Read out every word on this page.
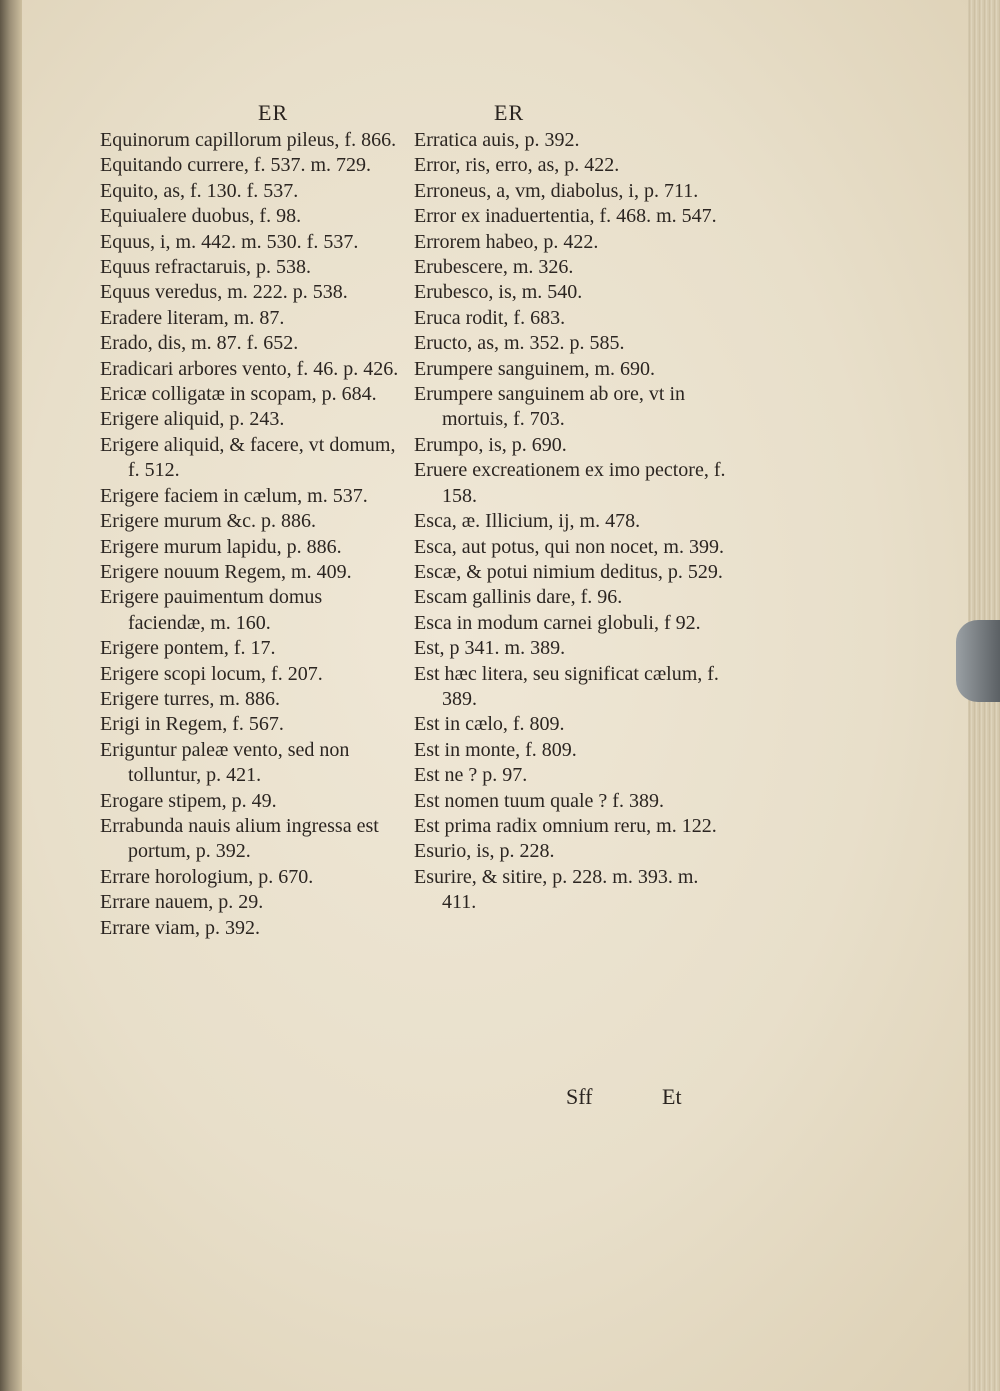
ER	ER
Equinorum capillorum pileus, f. 866.
Equitando currere, f. 537. m. 729.
Equito, as, f. 130. f. 537.
Equiualere duobus, f. 98.
Equus, i, m. 442. m. 530. f. 537.
Equus refractaruis, p. 538.
Equus veredus, m. 222. p. 538.
Eradere literam, m. 87.
Erado, dis, m. 87. f. 652.
Eradicari arbores vento, f. 46. p. 426.
Ericæ colligatæ in scopam, p. 684.
Erigere aliquid, p. 243.
Erigere aliquid, & facere, vt domum, f. 512.
Erigere faciem in cælum, m. 537.
Erigere murum &c. p. 886.
Erigere murum lapidu, p. 886.
Erigere nouum Regem, m. 409.
Erigere pauimentum domus faciendæ, m. 160.
Erigere pontem, f. 17.
Erigere scopi locum, f. 207.
Erigere turres, m. 886.
Erigi in Regem, f. 567.
Eriguntur paleæ vento, sed non tolluntur, p. 421.
Erogare stipem, p. 49.
Errabunda nauis alium ingressa est portum, p. 392.
Errare horologium, p. 670.
Errare nauem, p. 29.
Errare viam, p. 392.
Erratica auis, p. 392.
Error, ris, erro, as, p. 422.
Erroneus, a, vm, diabolus, i, p. 711.
Error ex inaduertentia, f. 468. m. 547.
Errorem habeo, p. 422.
Erubescere, m. 326.
Erubesco, is, m. 540.
Eruca rodit, f. 683.
Eructo, as, m. 352. p. 585.
Erumpere sanguinem, m. 690.
Erumpere sanguinem ab ore, vt in mortuis, f. 703.
Erumpo, is, p. 690.
Eruere excreationem ex imo pectore, f. 158.
Esca, æ. Illicium, ij, m. 478.
Esca, aut potus, qui non nocet, m. 399.
Escæ, & potui nimium deditus, p. 529.
Escam gallinis dare, f. 96.
Esca in modum carnei globuli, f 92.
Est, p 341. m. 389.
Est hæc litera, seu significat cælum, f. 389.
Est in cælo, f. 809.
Est in monte, f. 809.
Est ne ? p. 97.
Est nomen tuum quale ? f. 389.
Est prima radix omnium reru, m. 122.
Esurio, is, p. 228.
Esurire, & sitire, p. 228. m. 393. m. 411.
Sff	Et
